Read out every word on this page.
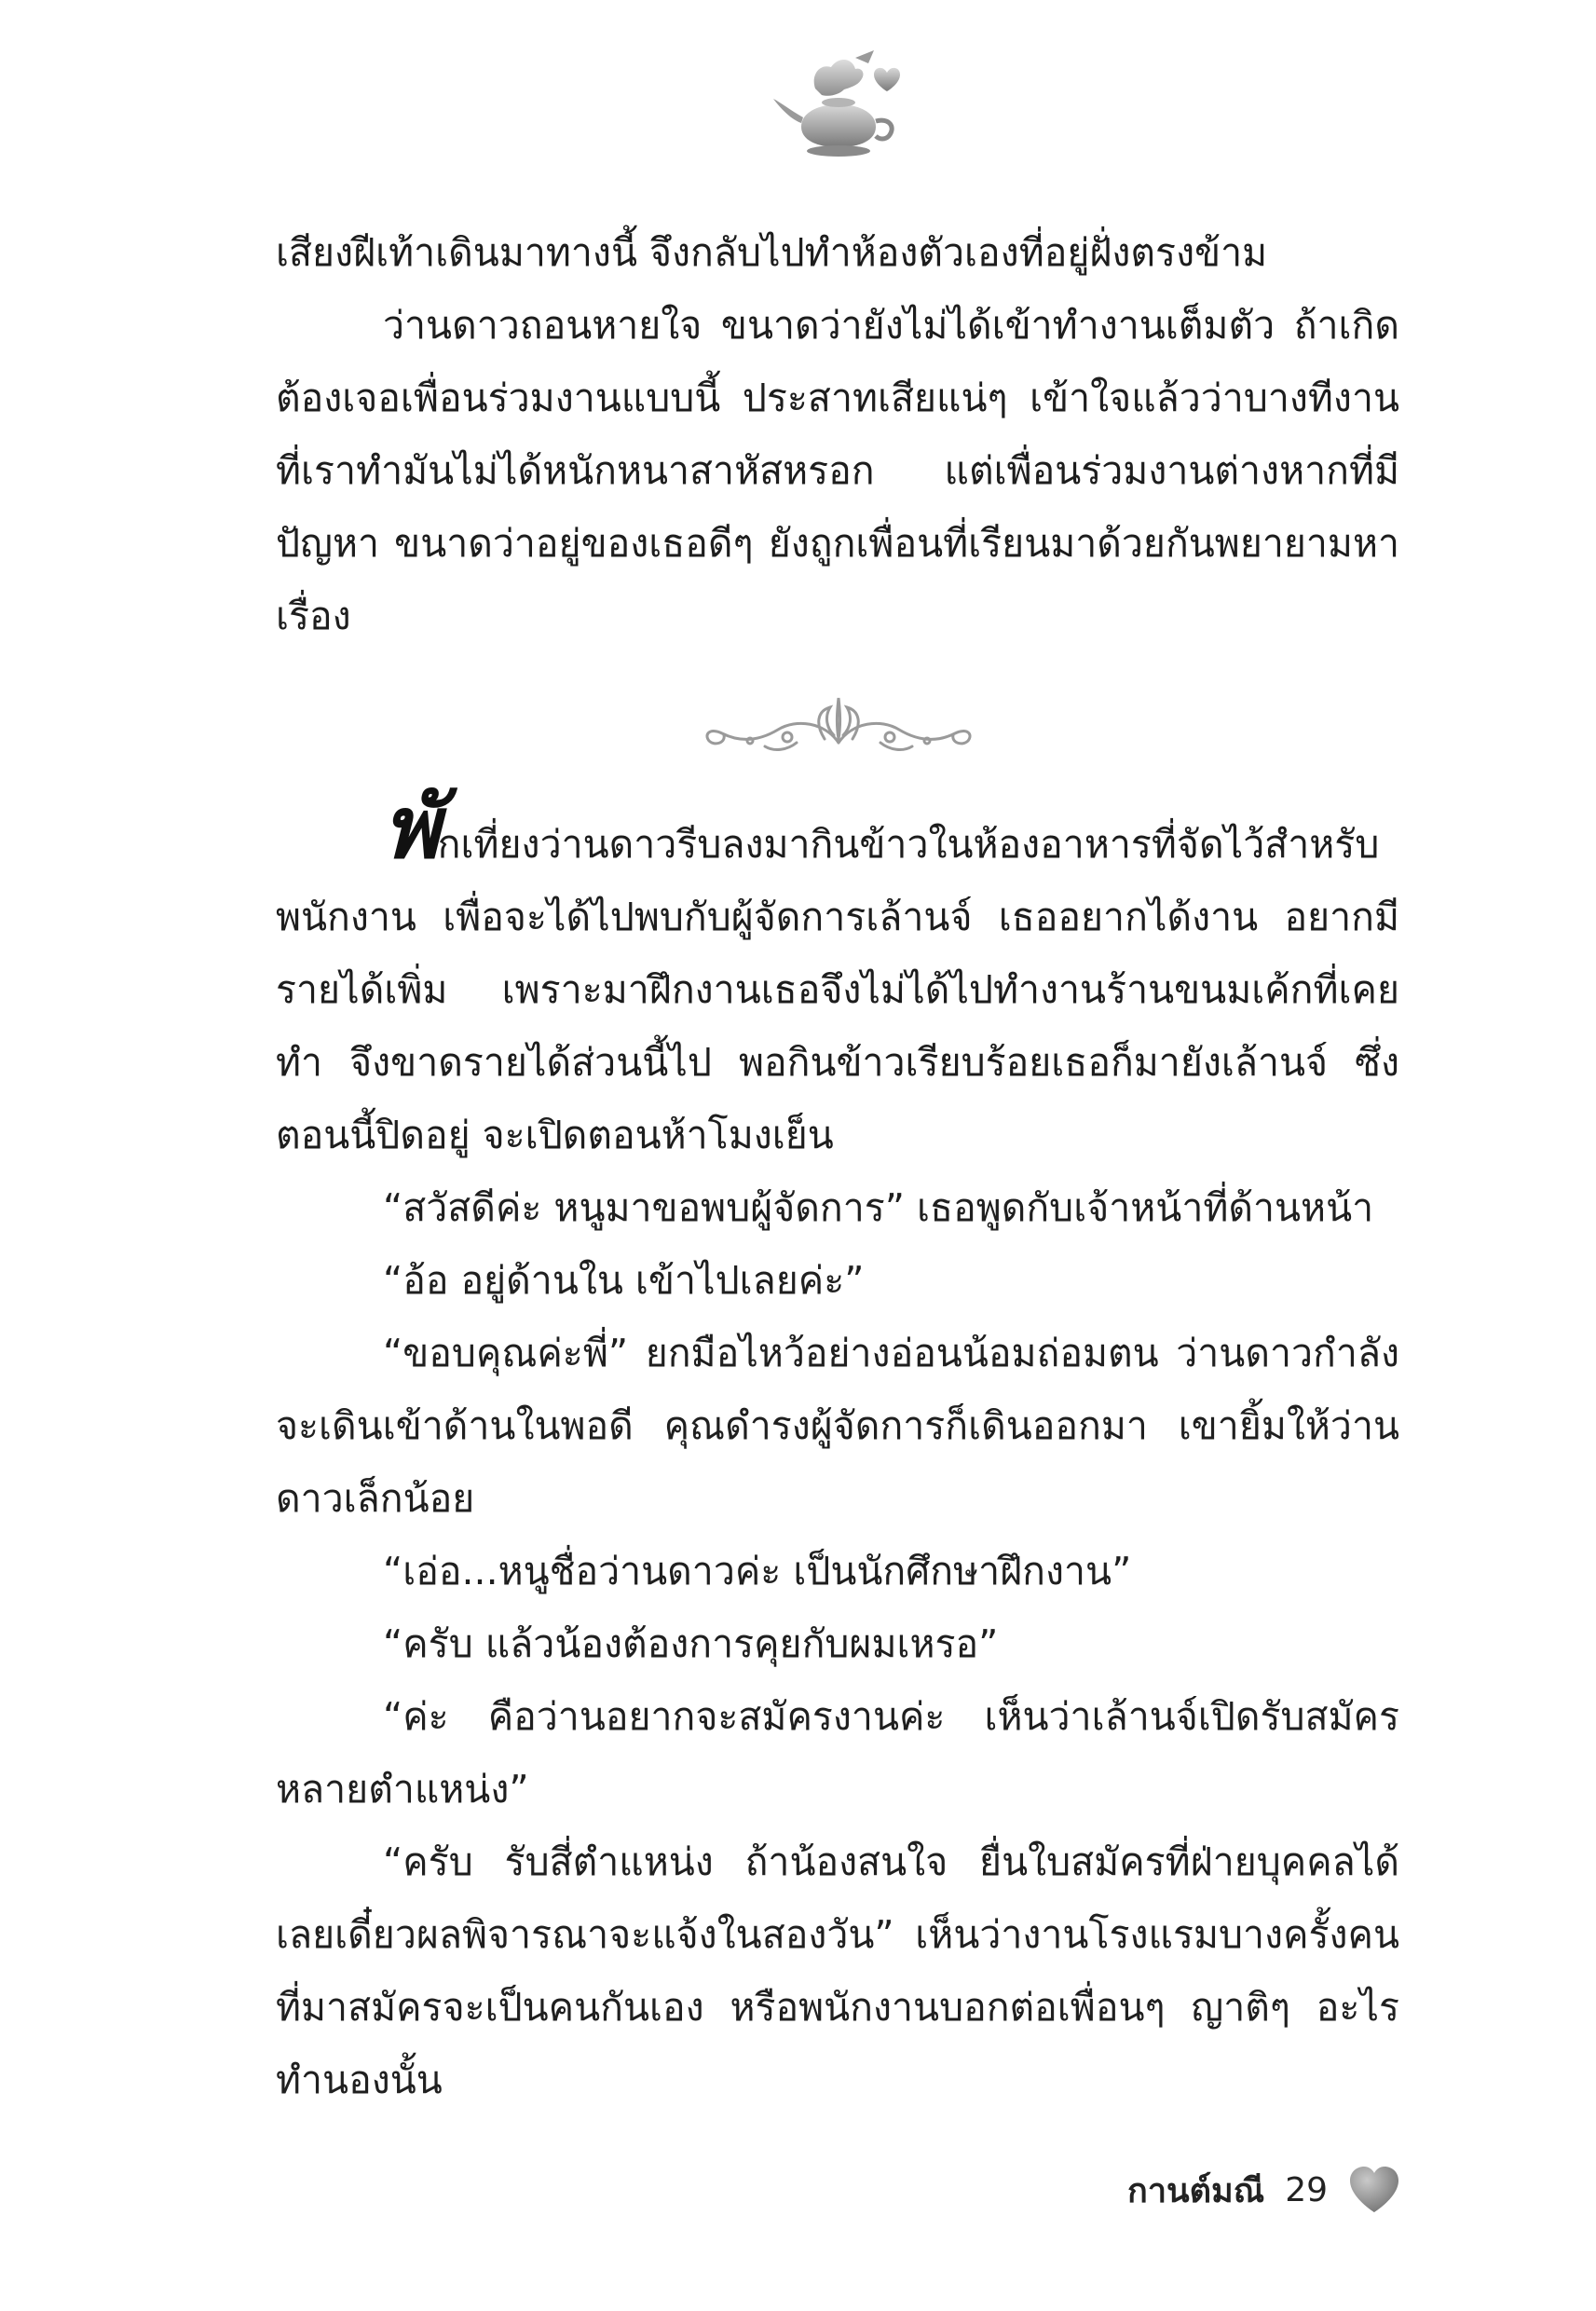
เสียงฝีเท้าเดินมาทางนี้ จึงกลับไปทำห้องตัวเองที่อยู่ฝั่งตรงข้าม

ว่านดาวถอนหายใจ ขนาดว่ายังไม่ได้เข้าทำงานเต็มตัว ถ้าเกิดต้องเจอเพื่อนร่วมงานแบบนี้ ประสาทเสียแน่ๆ เข้าใจแล้วว่าบางทีงานที่เราทำมันไม่ได้หนักหนาสาหัสหรอก แต่เพื่อนร่วมงานต่างหากที่มีปัญหา ขนาดว่าอยู่ของเธอดีๆ ยังถูกเพื่อนที่เรียนมาด้วยกันพยายามหาเรื่อง

พักเที่ยงว่านดาวรีบลงมากินข้าวในห้องอาหารที่จัดไว้สำหรับพนักงาน เพื่อจะได้ไปพบกับผู้จัดการเล้านจ์ เธออยากได้งาน อยากมีรายได้เพิ่ม เพราะมาฝึกงานเธอจึงไม่ได้ไปทำงานร้านขนมเค้กที่เคยทำ จึงขาดรายได้ส่วนนี้ไป พอกินข้าวเรียบร้อยเธอก็มายังเล้านจ์ ซึ่งตอนนี้ปิดอยู่ จะเปิดตอนห้าโมงเย็น

“สวัสดีค่ะ หนูมาขอพบผู้จัดการ” เธอพูดกับเจ้าหน้าที่ด้านหน้า

“อ้อ อยู่ด้านใน เข้าไปเลยค่ะ”

“ขอบคุณค่ะพี่” ยกมือไหว้อย่างอ่อนน้อมถ่อมตน ว่านดาวกำลังจะเดินเข้าด้านในพอดี คุณดำรงผู้จัดการก็เดินออกมา เขายิ้มให้ว่านดาวเล็กน้อย

“เอ่อ...หนูชื่อว่านดาวค่ะ เป็นนักศึกษาฝึกงาน”

“ครับ แล้วน้องต้องการคุยกับผมเหรอ”

“ค่ะ คือว่านอยากจะสมัครงานค่ะ เห็นว่าเล้านจ์เปิดรับสมัครหลายตำแหน่ง”

“ครับ รับสี่ตำแหน่ง ถ้าน้องสนใจ ยื่นใบสมัครที่ฝ่ายบุคคลได้เลยเดี๋ยวผลพิจารณาจะแจ้งในสองวัน” เห็นว่างานโรงแรมบางครั้งคนที่มาสมัครจะเป็นคนกันเอง หรือพนักงานบอกต่อเพื่อนๆ ญาติๆ อะไรทำนองนั้น

กานต์มณี 29
